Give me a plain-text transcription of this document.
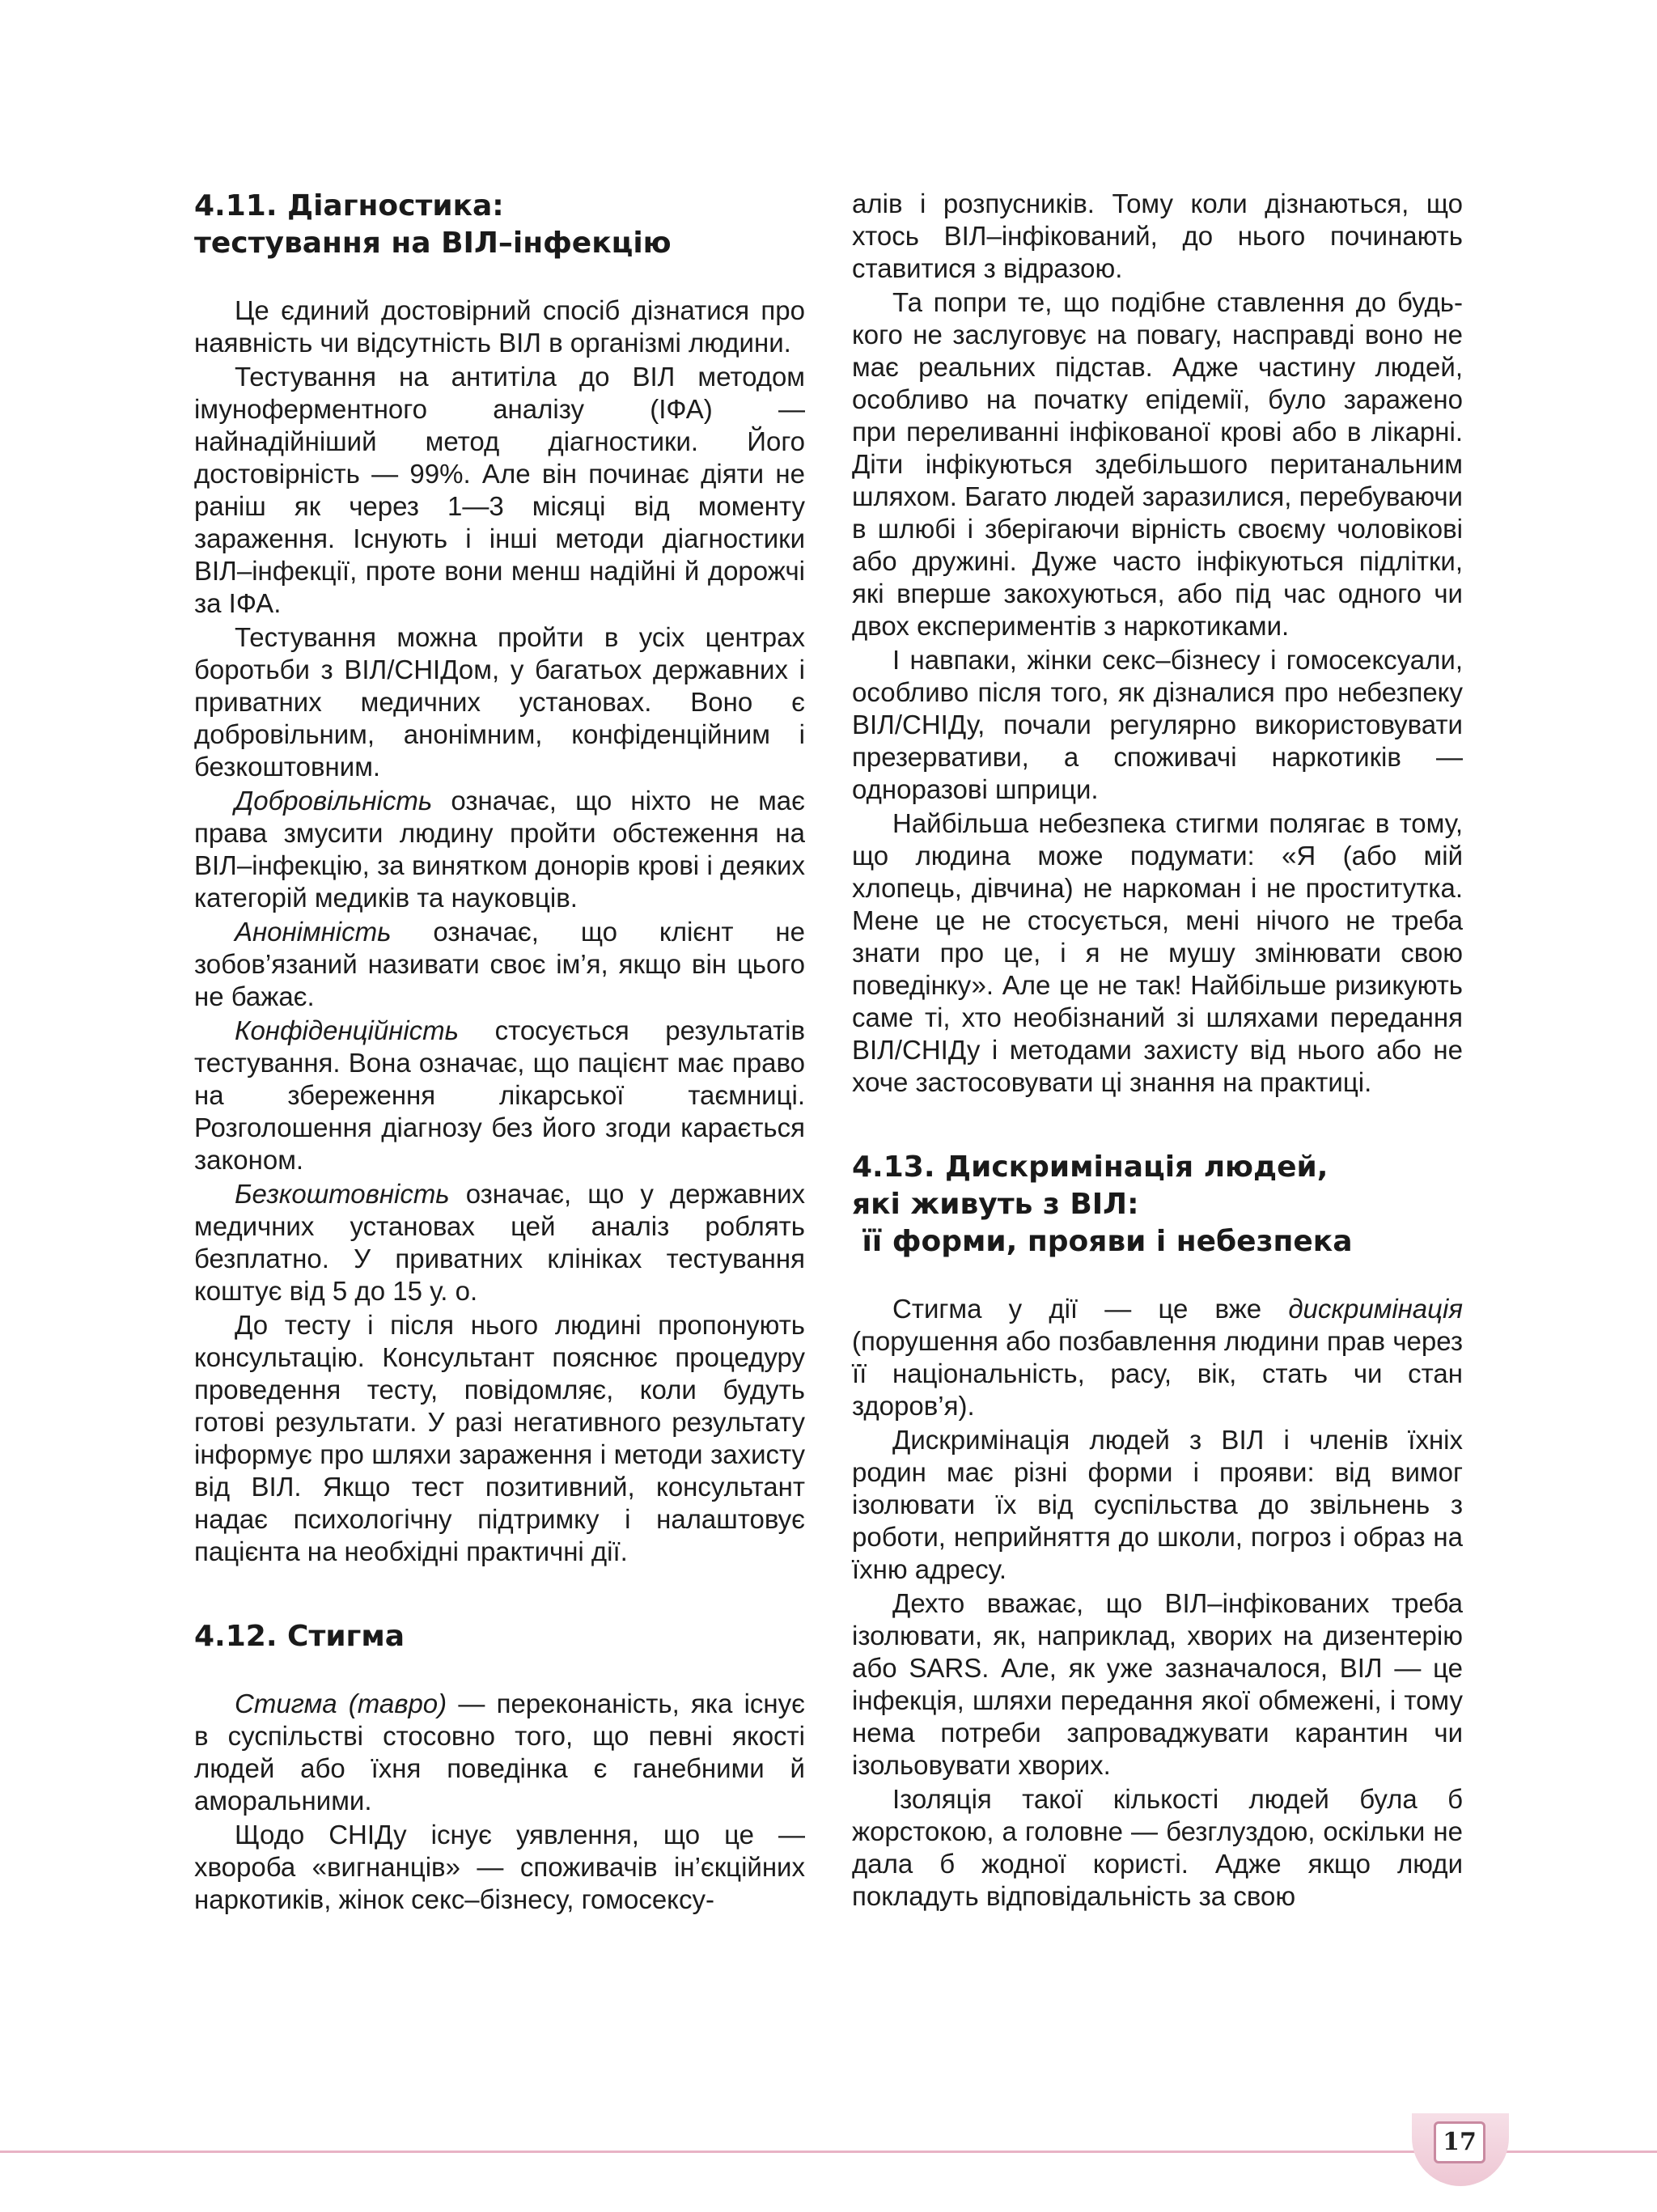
4.11. Діагностика:
тестування на ВІЛ–інфекцію

Це єдиний достовірний спосіб дізнатися про наявність чи відсутність ВІЛ в організмі людини.

Тестування на антитіла до ВІЛ методом імуноферментного аналізу (ІФА) — найнадійніший метод діагностики. Його достовірність — 99%. Але він починає діяти не раніш як через 1—3 місяці від моменту зараження. Існують і інші методи діагностики ВІЛ–інфекції, проте вони менш надійні й дорожчі за ІФА.

Тестування можна пройти в усіх центрах боротьби з ВІЛ/СНІДом, у багатьох державних і приватних медичних установах. Воно є добровільним, анонімним, конфіденційним і безкоштовним.

Добровільність означає, що ніхто не має права змусити людину пройти обстеження на ВІЛ–інфекцію, за винятком донорів крові і деяких категорій медиків та науковців.

Анонімність означає, що клієнт не зобов’язаний називати своє ім’я, якщо він цього не бажає.

Конфіденційність стосується результатів тестування. Вона означає, що пацієнт має право на збереження лікарської таємниці. Розголошення діагнозу без його згоди карається законом.

Безкоштовність означає, що у державних медичних установах цей аналіз роблять безплатно. У приватних клініках тестування коштує від 5 до 15 у. о.

До тесту і після нього людині пропонують консультацію. Консультант пояснює процедуру проведення тесту, повідомляє, коли будуть готові результати. У разі негативного результату інформує про шляхи зараження і методи захисту від ВІЛ. Якщо тест позитивний, консультант надає психологічну підтримку і налаштовує пацієнта на необхідні практичні дії.

4.12. Стигма

Стигма (тавро) — переконаність, яка існує в суспільстві стосовно того, що певні якості людей або їхня поведінка є ганебними й аморальними.

Щодо СНІДу існує уявлення, що це — хвороба «вигнанців» — споживачів ін’єкційних наркотиків, жінок секс–бізнесу, гомосексу-

алів і розпусників. Тому коли дізнаються, що хтось ВІЛ–інфікований, до нього починають ставитися з відразою.

Та попри те, що подібне ставлення до будь-кого не заслуговує на повагу, насправді воно не має реальних підстав. Адже частину людей, особливо на початку епідемії, було заражено при переливанні інфікованої крові або в лікарні. Діти інфікуються здебільшого пеританальним шляхом. Багато людей заразилися, перебуваючи в шлюбі і зберігаючи вірність своєму чоловікові або дружині. Дуже часто інфікуються підлітки, які вперше закохуються, або під час одного чи двох експериментів з наркотиками.

І навпаки, жінки секс–бізнесу і гомосексуали, особливо після того, як дізналися про небезпеку ВІЛ/СНІДу, почали регулярно використовувати презервативи, а споживачі наркотиків — одноразові шприци.

Найбільша небезпека стигми полягає в тому, що людина може подумати: «Я (або мій хлопець, дівчина) не наркоман і не проститутка. Мене це не стосується, мені нічого не треба знати про це, і я не мушу змінювати свою поведінку». Але це не так! Найбільше ризикують саме ті, хто необізнаний зі шляхами передання ВІЛ/СНІДу і методами захисту від нього або не хоче застосовувати ці знання на практиці.

4.13. Дискримінація людей,
які живуть з ВІЛ:
її форми, прояви і небезпека

Стигма у дії — це вже дискримінація (порушення або позбавлення людини прав через її національність, расу, вік, стать чи стан здоров’я).

Дискримінація людей з ВІЛ і членів їхніх родин має різні форми і прояви: від вимог ізолювати їх від суспільства до звільнень з роботи, неприйняття до школи, погроз і образ на їхню адресу.

Дехто вважає, що ВІЛ–інфікованих треба ізолювати, як, наприклад, хворих на дизентерію або SARS. Але, як уже зазначалося, ВІЛ — це інфекція, шляхи передання якої обмежені, і тому нема потреби запроваджувати карантин чи ізольовувати хворих.

Ізоляція такої кількості людей була б жорстокою, а головне — безглуздою, оскільки не дала б жодної користі. Адже якщо люди покладуть відповідальність за свою

17
